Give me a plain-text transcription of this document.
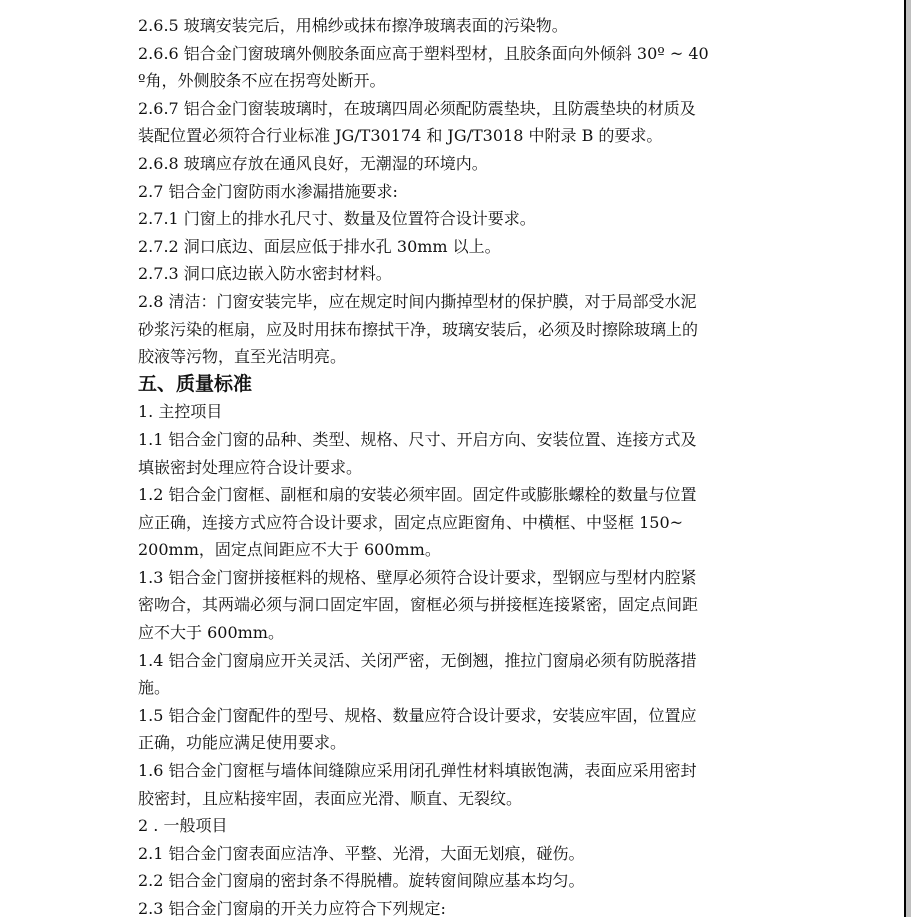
2.6.5 玻璃安装完后，用棉纱或抹布擦净玻璃表面的污染物。
2.6.6 铝合金门窗玻璃外侧胶条面应高于塑料型材，且胶条面向外倾斜 30º ~ 40
º角，外侧胶条不应在拐弯处断开。
2.6.7 铝合金门窗装玻璃时，在玻璃四周必须配防震垫块，且防震垫块的材质及
装配位置必须符合行业标准 JG/T30174 和 JG/T3018 中附录 B 的要求。
2.6.8 玻璃应存放在通风良好，无潮湿的环境内。
2.7 铝合金门窗防雨水渗漏措施要求:
2.7.1 门窗上的排水孔尺寸、数量及位置符合设计要求。
2.7.2 洞口底边、面层应低于排水孔 30mm 以上。
2.7.3 洞口底边嵌入防水密封材料。
2.8 清洁：门窗安装完毕，应在规定时间内撕掉型材的保护膜，对于局部受水泥
砂浆污染的框扇，应及时用抹布擦拭干净，玻璃安装后，必须及时擦除玻璃上的
胶液等污物，直至光洁明亮。
五、质量标准
1. 主控项目
1.1 铝合金门窗的品种、类型、规格、尺寸、开启方向、安装位置、连接方式及
填嵌密封处理应符合设计要求。
1.2 铝合金门窗框、副框和扇的安装必须牢固。固定件或膨胀螺栓的数量与位置
应正确，连接方式应符合设计要求，固定点应距窗角、中横框、中竖框 150~
200mm，固定点间距应不大于 600mm。
1.3 铝合金门窗拼接框料的规格、壁厚必须符合设计要求，型钢应与型材内腔紧
密吻合，其两端必须与洞口固定牢固，窗框必须与拼接框连接紧密，固定点间距
应不大于 600mm。
1.4 铝合金门窗扇应开关灵活、关闭严密，无倒翘，推拉门窗扇必须有防脱落措
施。
1.5 铝合金门窗配件的型号、规格、数量应符合设计要求，安装应牢固，位置应
正确，功能应满足使用要求。
1.6 铝合金门窗框与墙体间缝隙应采用闭孔弹性材料填嵌饱满，表面应采用密封
胶密封，且应粘接牢固，表面应光滑、顺直、无裂纹。
2 . 一般项目
2.1 铝合金门窗表面应洁净、平整、光滑，大面无划痕，碰伤。
2.2 铝合金门窗扇的密封条不得脱槽。旋转窗间隙应基本均匀。
2.3 铝合金门窗扇的开关力应符合下列规定:
